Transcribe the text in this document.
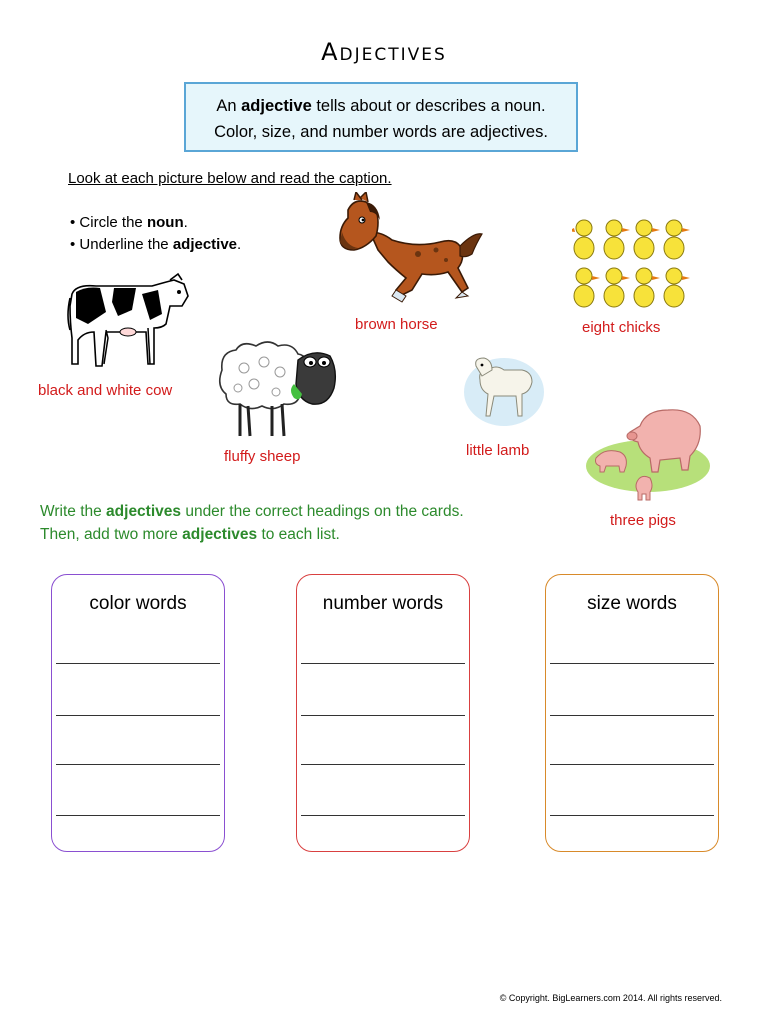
Adjectives
An adjective tells about or describes a noun.
Color, size, and number words are adjectives.
Look at each picture below and read the caption.
• Circle the noun.
• Underline the adjective.
black and white cow
brown horse	eight chicks
fluffy sheep	little lamb
three pigs
Write the adjectives under the correct headings on the cards.
Then, add two more adjectives to each list.
color words	number words	size words
© Copyright. BigLearners.com 2014. All rights reserved.
